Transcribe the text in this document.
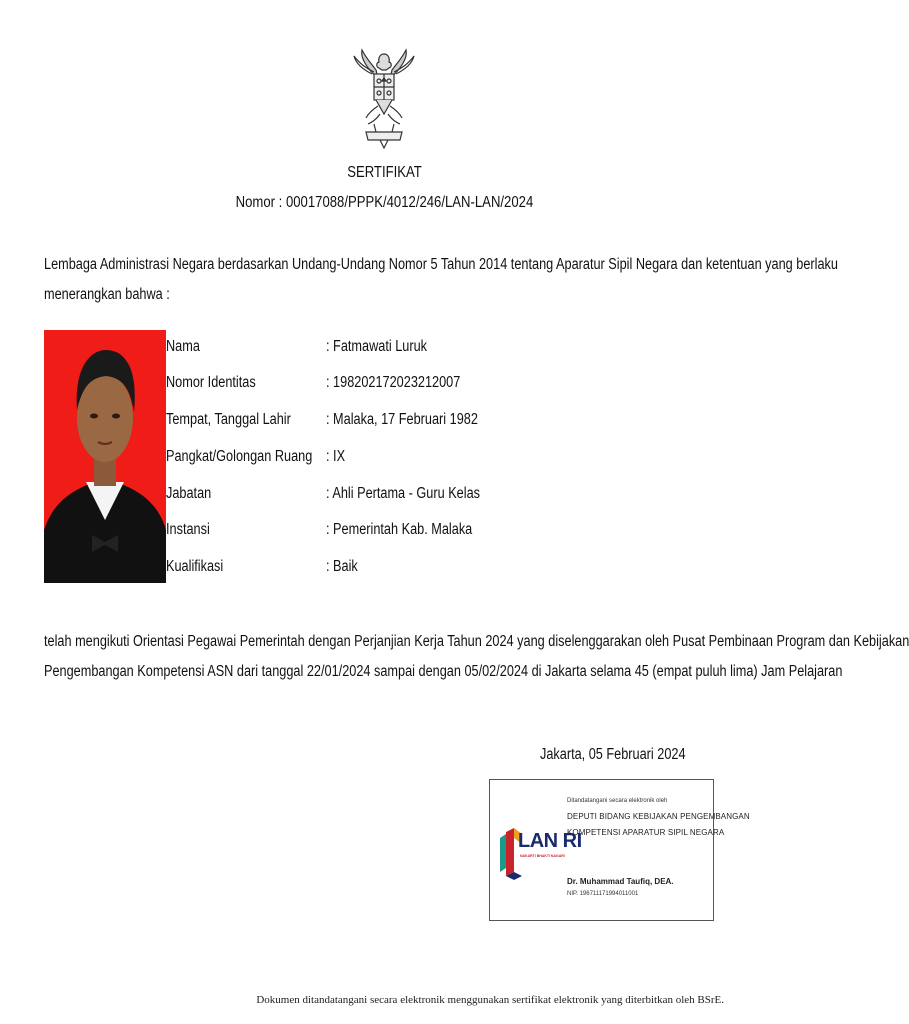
SERTIFIKAT
Nomor : 00017088/PPPK/4012/246/LAN-LAN/2024
Lembaga Administrasi Negara berdasarkan Undang-Undang Nomor 5 Tahun 2014 tentang Aparatur Sipil Negara dan ketentuan yang berlaku
menerangkan bahwa :
Nama	: Fatmawati Luruk
Nomor Identitas	: 198202172023212007
Tempat, Tanggal Lahir : Malaka, 17 Februari 1982
Pangkat/Golongan Ruang : IX
Jabatan	: Ahli Pertama - Guru Kelas
Instansi	: Pemerintah Kab. Malaka
Kualifikasi	: Baik
telah mengikuti Orientasi Pegawai Pemerintah dengan Perjanjian Kerja Tahun 2024 yang diselenggarakan oleh Pusat Pembinaan Program dan Kebijakan
Pengembangan Kompetensi ASN dari tanggal 22/01/2024 sampai dengan 05/02/2024 di Jakarta selama 45 (empat puluh lima) Jam Pelajaran
Jakarta, 05 Februari 2024
LAN RI
NAKARTI BHAKTI NAGARI
Ditandatangani secara elektronik oleh
DEPUTI BIDANG KEBIJAKAN PENGEMBANGAN
KOMPETENSI APARATUR SIPIL NEGARA
Dr. Muhammad Taufiq, DEA.
NIP. 196711171994011001
Dokumen ditandatangani secara elektronik menggunakan sertifikat elektronik yang diterbitkan oleh BSrE.
